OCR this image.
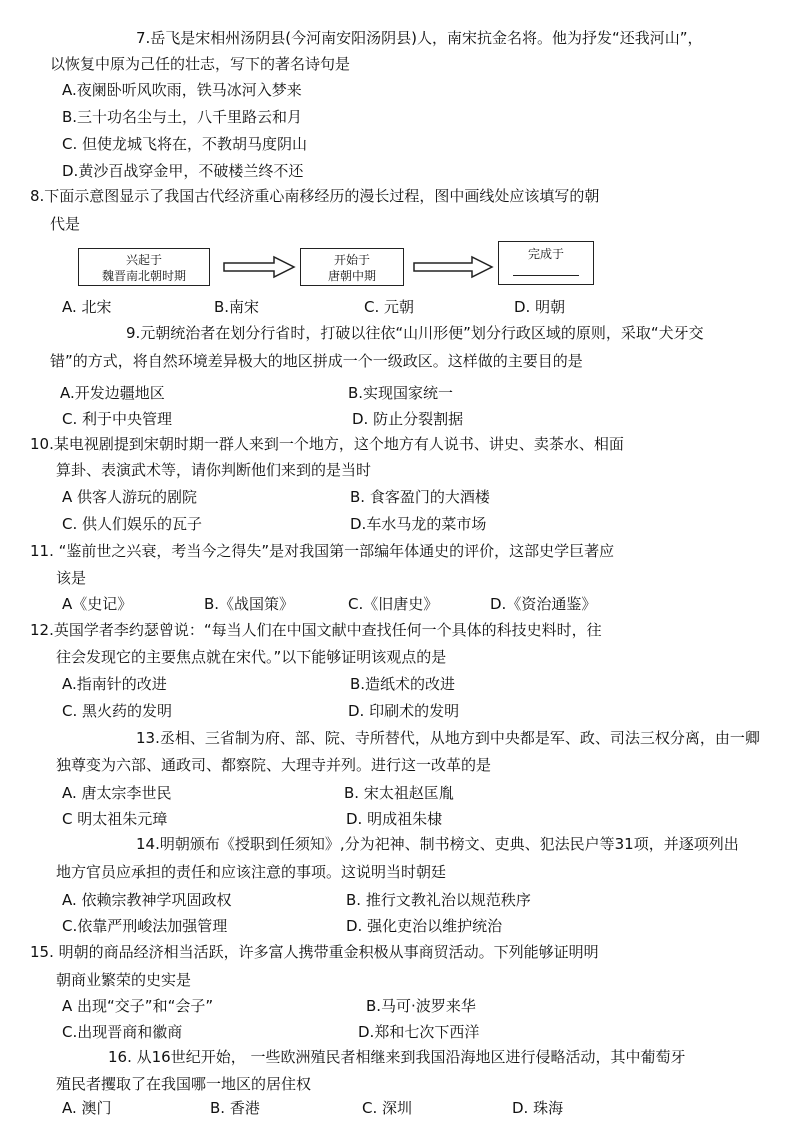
7.岳飞是宋相州汤阴县(今河南安阳汤阴县)人，南宋抗金名将。他为抒发“还我河山”，
以恢复中原为己任的壮志，写下的著名诗句是
A.夜阑卧听风吹雨，铁马冰河入梦来
B.三十功名尘与土，八千里路云和月
C. 但使龙城飞将在，不教胡马度阴山
D.黄沙百战穿金甲，不破楼兰终不还
8.下面示意图显示了我国古代经济重心南移经历的漫长过程，图中画线处应该填写的朝
代是
兴起于
魏晋南北朝时期
开始于
唐朝中期
完成于
A. 北宋	B.南宋	C. 元朝	D. 明朝
9.元朝统治者在划分行省时，打破以往依“山川形便”划分行政区域的原则，采取“犬牙交
错”的方式，将自然环境差异极大的地区拼成一个一级政区。这样做的主要目的是
A.开发边疆地区	B.实现国家统一
C. 利于中央管理	D. 防止分裂割据
10.某电视剧提到宋朝时期一群人来到一个地方，这个地方有人说书、讲史、卖茶水、相面
算卦、表演武术等，请你判断他们来到的是当时
A 供客人游玩的剧院	B. 食客盈门的大酒楼
C. 供人们娱乐的瓦子	D.车水马龙的菜市场
11. “鉴前世之兴衰，考当今之得失”是对我国第一部编年体通史的评价，这部史学巨著应
该是
A《史记》	B.《战国策》	C.《旧唐史》	D.《资治通鉴》
12.英国学者李约瑟曾说：“每当人们在中国文献中查找任何一个具体的科技史料时，往
往会发现它的主要焦点就在宋代。”以下能够证明该观点的是
A.指南针的改进	B.造纸术的改进
C. 黑火药的发明	D. 印刷术的发明
13.丞相、三省制为府、部、院、寺所替代，从地方到中央都是军、政、司法三权分离，由一卿
独尊变为六部、通政司、都察院、大理寺并列。进行这一改革的是
A. 唐太宗李世民	B. 宋太祖赵匡胤
C 明太祖朱元璋	D. 明成祖朱棣
14.明朝颁布《授职到任须知》,分为祀神、制书榜文、吏典、犯法民户等31项，并逐项列出
地方官员应承担的责任和应该注意的事项。这说明当时朝廷
A. 依赖宗教神学巩固政权	B. 推行文教礼治以规范秩序
C.依靠严刑峻法加强管理	D. 强化吏治以维护统治
15. 明朝的商品经济相当活跃，许多富人携带重金积极从事商贸活动。下列能够证明明
朝商业繁荣的史实是
A 出现“交子”和“会子”	B.马可·波罗来华
C.出现晋商和徽商	D.郑和七次下西洋
16. 从16世纪开始， 一些欧洲殖民者相继来到我国沿海地区进行侵略活动，其中葡萄牙
殖民者攫取了在我国哪一地区的居住权
A. 澳门	B. 香港	C. 深圳	D. 珠海
